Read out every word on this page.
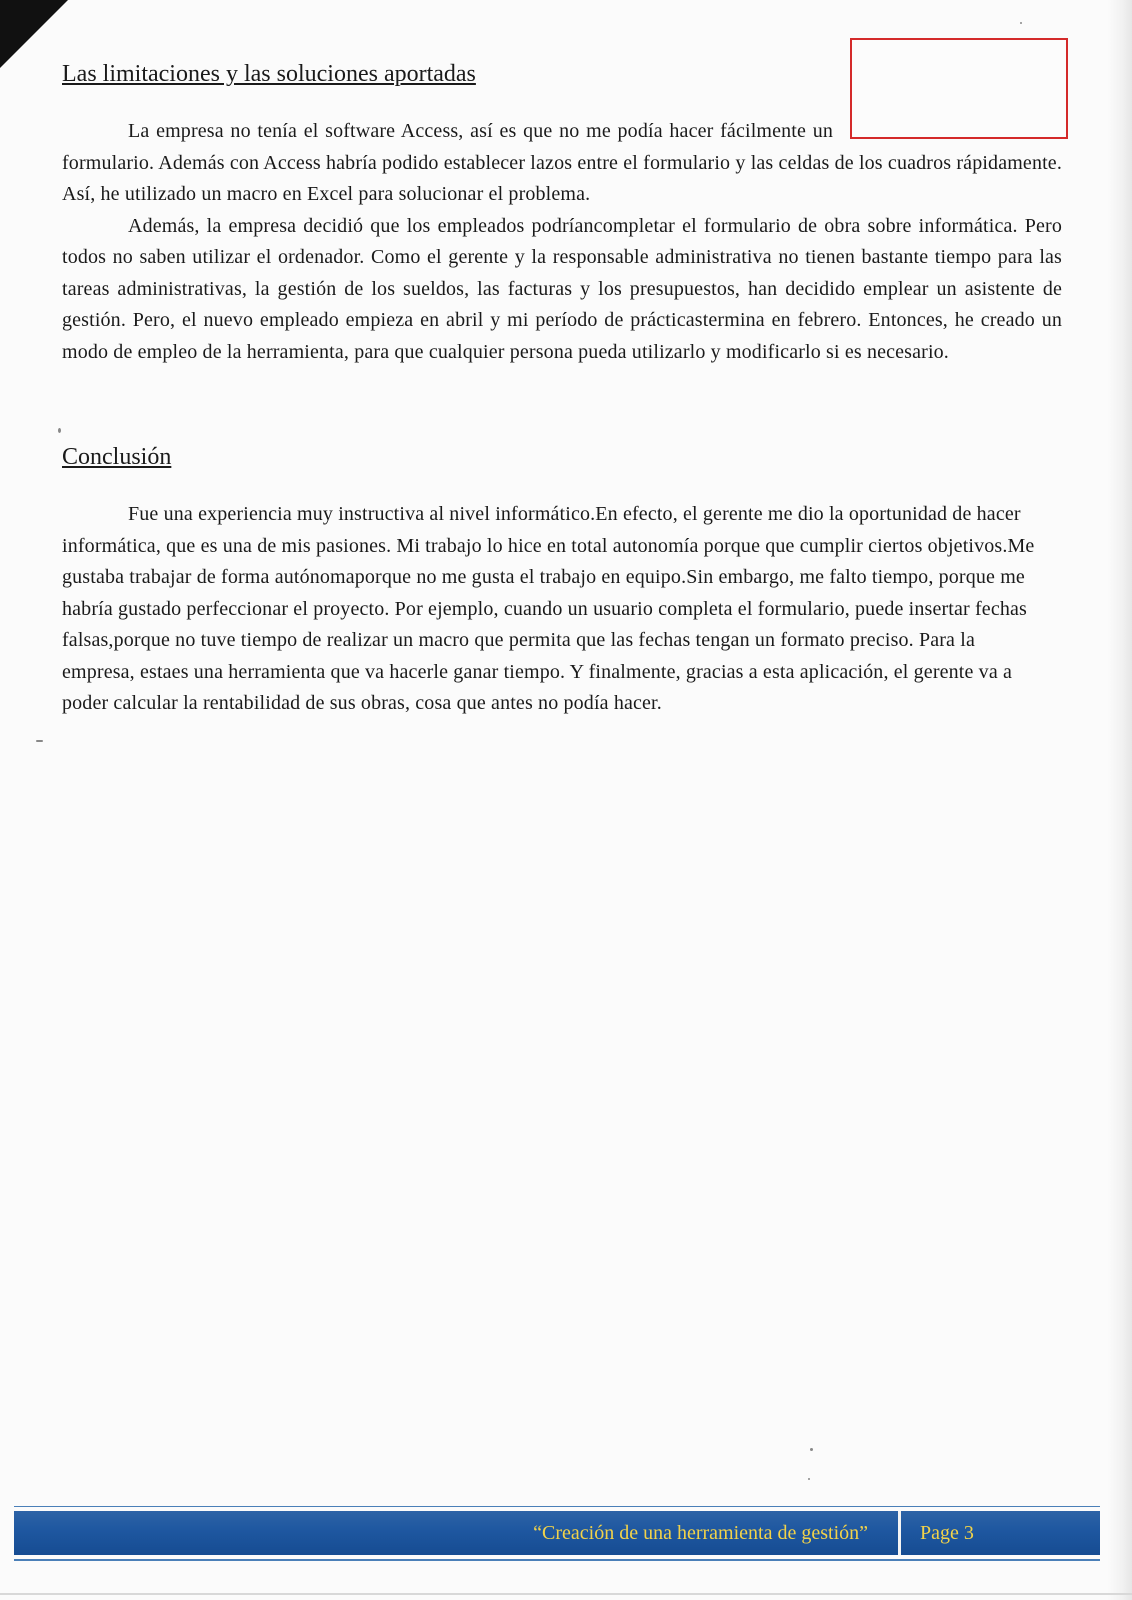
Las limitaciones y las soluciones aportadas

La empresa no tenía el software Access, así es que no me podía hacer fácilmente un formulario. Además con Access habría podido establecer lazos entre el formulario y las celdas de los cuadros rápidamente. Así, he utilizado un macro en Excel para solucionar el problema.

Además, la empresa decidió que los empleados podríancompletar el formulario de obra sobre informática. Pero todos no saben utilizar el ordenador. Como el gerente y la responsable administrativa no tienen bastante tiempo para las tareas administrativas, la gestión de los sueldos, las facturas y los presupuestos, han decidido emplear un asistente de gestión. Pero, el nuevo empleado empieza en abril y mi período de prácticastermina en febrero. Entonces, he creado un modo de empleo de la herramienta, para que cualquier persona pueda utilizarlo y modificarlo si es necesario.

Conclusión

Fue una experiencia muy instructiva al nivel informático.En efecto, el gerente me dio la oportunidad de hacer informática, que es una de mis pasiones. Mi trabajo lo hice en total autonomía porque que cumplir ciertos objetivos.Me gustaba trabajar de forma autónomaporque no me gusta el trabajo en equipo.Sin embargo, me falto tiempo, porque me habría gustado perfeccionar el proyecto. Por ejemplo, cuando un usuario completa el formulario, puede insertar fechas falsas,porque no tuve tiempo de realizar un macro que permita que las fechas tengan un formato preciso. Para la empresa, estaes una herramienta que va hacerle ganar tiempo. Y finalmente, gracias a esta aplicación, el gerente va a poder calcular la rentabilidad de sus obras, cosa que antes no podía hacer.

“Creación de una herramienta de gestión”	Page 3
